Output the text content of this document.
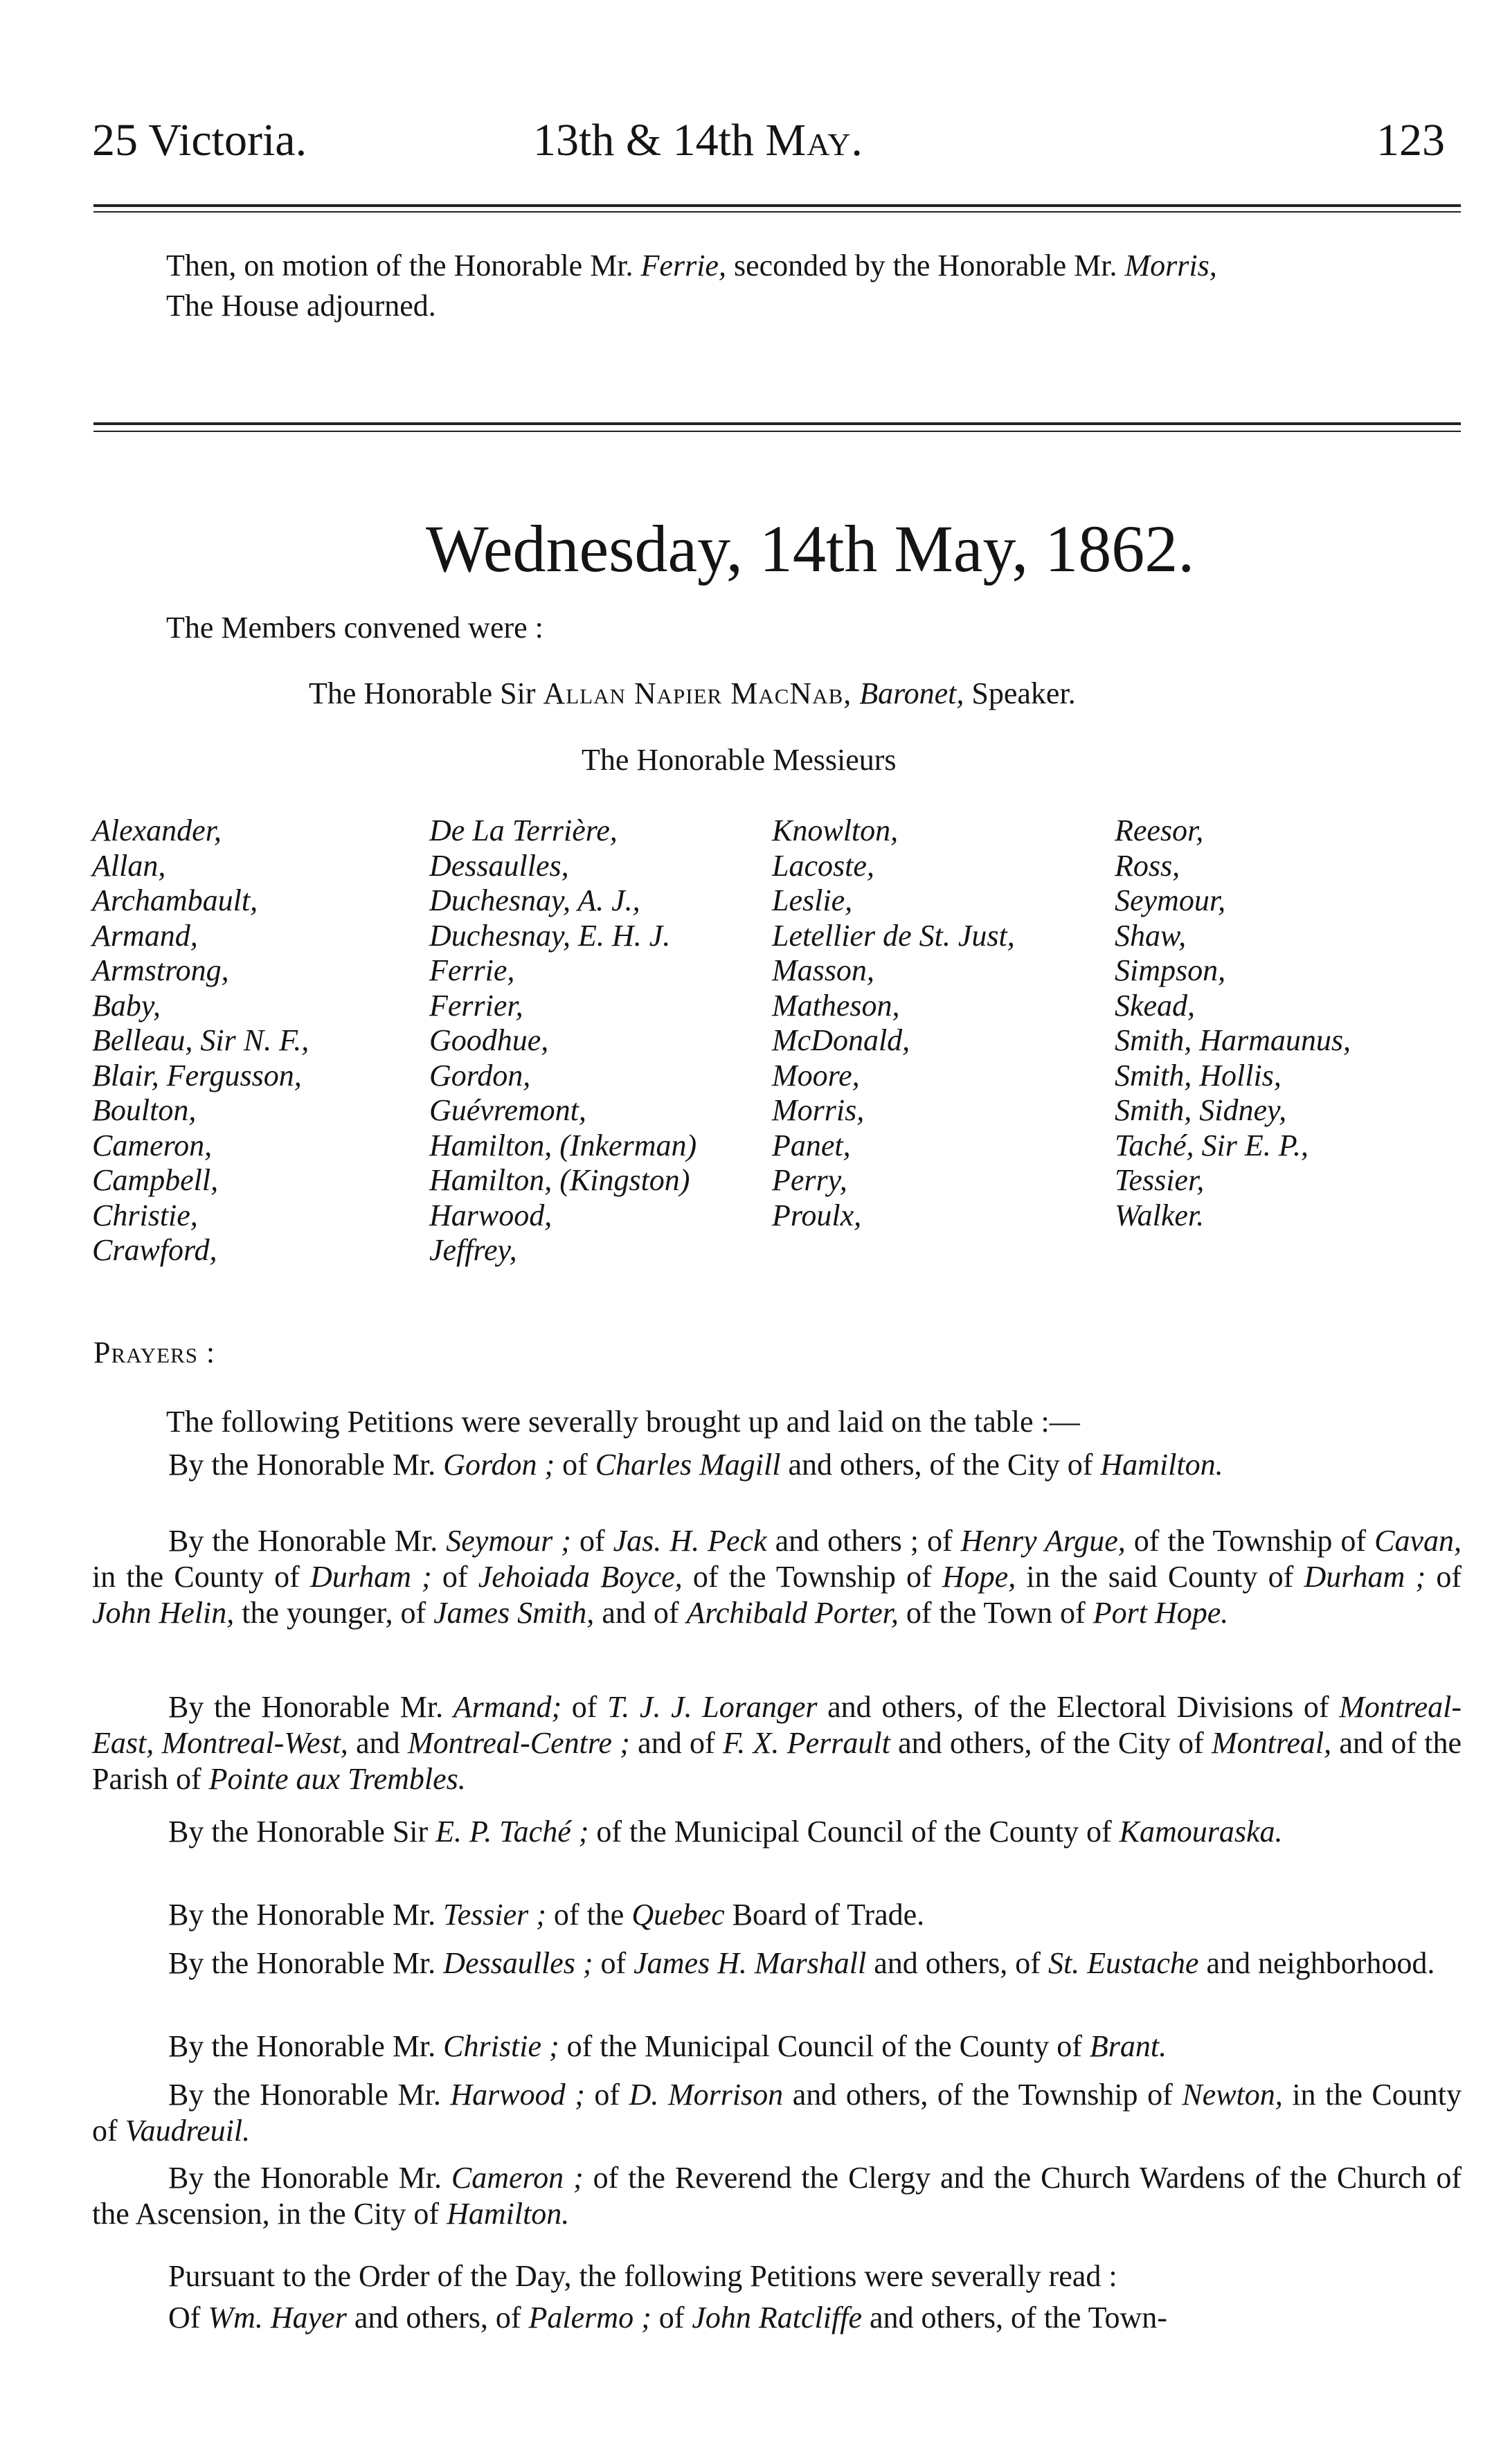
25 Victoria.	13th & 14th May.	123
Then, on motion of the Honorable Mr. Ferrie, seconded by the Honorable Mr. Morris,
The House adjourned.
Wednesday, 14th May, 1862.
The Members convened were :
The Honorable Sir Allan Napier MacNab, Baronet, Speaker.
The Honorable Messieurs
Alexander,
Allan,
Archambault,
Armand,
Armstrong,
Baby,
Belleau, Sir N. F.,
Blair, Fergusson,
Boulton,
Cameron,
Campbell,
Christie,
Crawford,
De La Terrière,
Dessaulles,
Duchesnay, A. J.,
Duchesnay, E. H. J.
Ferrie,
Ferrier,
Goodhue,
Gordon,
Guévremont,
Hamilton, (Inkerman)
Hamilton, (Kingston)
Harwood,
Jeffrey,
Knowlton,
Lacoste,
Leslie,
Letellier de St. Just,
Masson,
Matheson,
McDonald,
Moore,
Morris,
Panet,
Perry,
Proulx,
Reesor,
Ross,
Seymour,
Shaw,
Simpson,
Skead,
Smith, Harmaunus,
Smith, Hollis,
Smith, Sidney,
Taché, Sir E. P.,
Tessier,
Walker.
Prayers :
The following Petitions were severally brought up and laid on the table :—
By the Honorable Mr. Gordon ; of Charles Magill and others, of the City of Hamilton.
By the Honorable Mr. Seymour ; of Jas. H. Peck and others ; of Henry Argue, of the Township of Cavan, in the County of Durham ; of Jehoiada Boyce, of the Township of Hope, in the said County of Durham ; of John Helin, the younger, of James Smith, and of Archibald Porter, of the Town of Port Hope.
By the Honorable Mr. Armand; of T. J. J. Loranger and others, of the Electoral Divisions of Montreal-East, Montreal-West, and Montreal-Centre ; and of F. X. Perrault and others, of the City of Montreal, and of the Parish of Pointe aux Trembles.
By the Honorable Sir E. P. Taché ; of the Municipal Council of the County of Kamouraska.
By the Honorable Mr. Tessier ; of the Quebec Board of Trade.
By the Honorable Mr. Dessaulles ; of James H. Marshall and others, of St. Eustache and neighborhood.
By the Honorable Mr. Christie ; of the Municipal Council of the County of Brant.
By the Honorable Mr. Harwood ; of D. Morrison and others, of the Township of Newton, in the County of Vaudreuil.
By the Honorable Mr. Cameron ; of the Reverend the Clergy and the Church Wardens of the Church of the Ascension, in the City of Hamilton.
Pursuant to the Order of the Day, the following Petitions were severally read :
Of Wm. Hayer and others, of Palermo ; of John Ratcliffe and others, of the Town-
